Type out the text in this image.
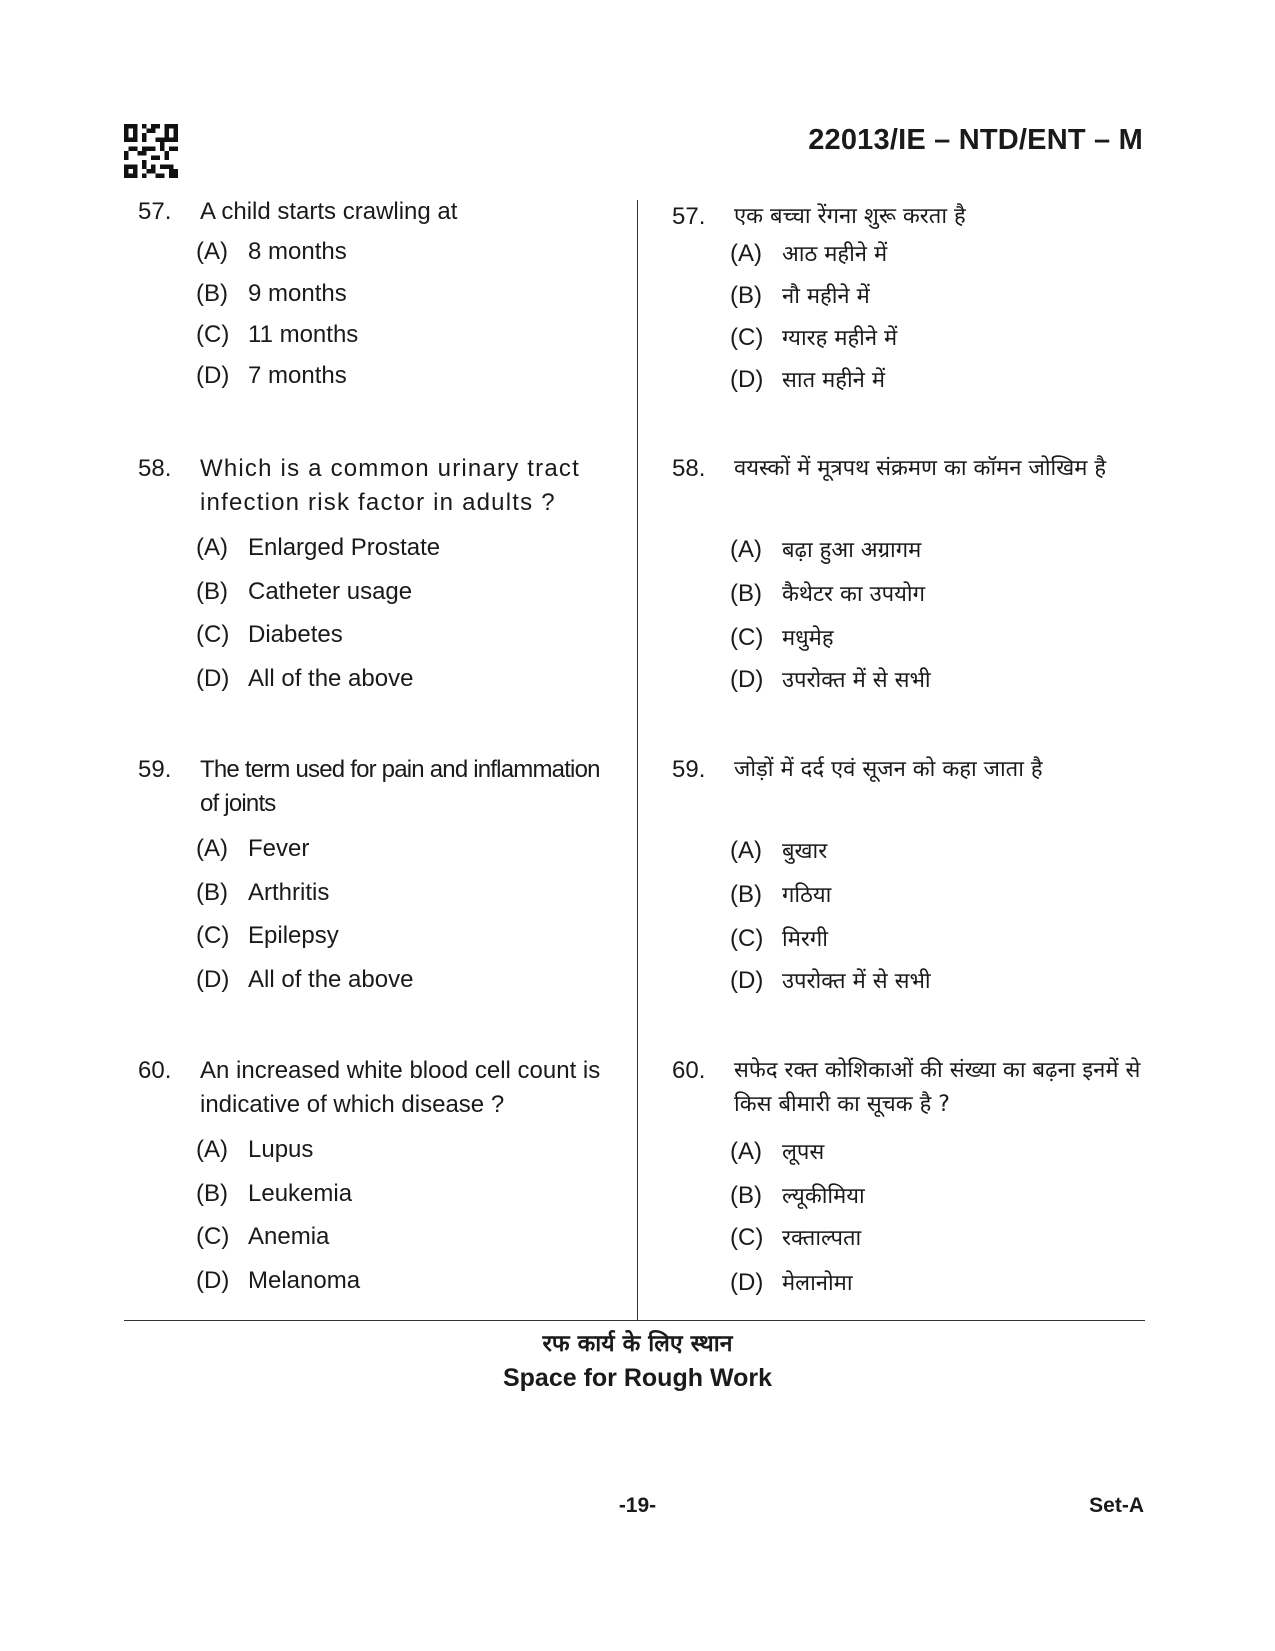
22013/IE – NTD/ENT – M
57. A child starts crawling at
(A) 8 months
(B) 9 months
(C) 11 months
(D) 7 months
58. Which is a common urinary tract infection risk factor in adults ?
(A) Enlarged Prostate
(B) Catheter usage
(C) Diabetes
(D) All of the above
59. The term used for pain and inflammation of joints
(A) Fever
(B) Arthritis
(C) Epilepsy
(D) All of the above
60. An increased white blood cell count is indicative of which disease ?
(A) Lupus
(B) Leukemia
(C) Anemia
(D) Melanoma
57. एक बच्चा रेंगना शुरू करता है
(A) आठ महीने में
(B) नौ महीने में
(C) ग्यारह महीने में
(D) सात महीने में
58. वयस्कों में मूत्रपथ संक्रमण का कॉमन जोखिम है
(A) बढ़ा हुआ अग्रागम
(B) कैथेटर का उपयोग
(C) मधुमेह
(D) उपरोक्त में से सभी
59. जोड़ों में दर्द एवं सूजन को कहा जाता है
(A) बुखार
(B) गठिया
(C) मिरगी
(D) उपरोक्त में से सभी
60. सफेद रक्त कोशिकाओं की संख्या का बढ़ना इनमें से किस बीमारी का सूचक है ?
(A) लूपस
(B) ल्यूकीमिया
(C) रक्ताल्पता
(D) मेलानोमा
रफ कार्य के लिए स्थान
Space for Rough Work
-19-	Set-A
